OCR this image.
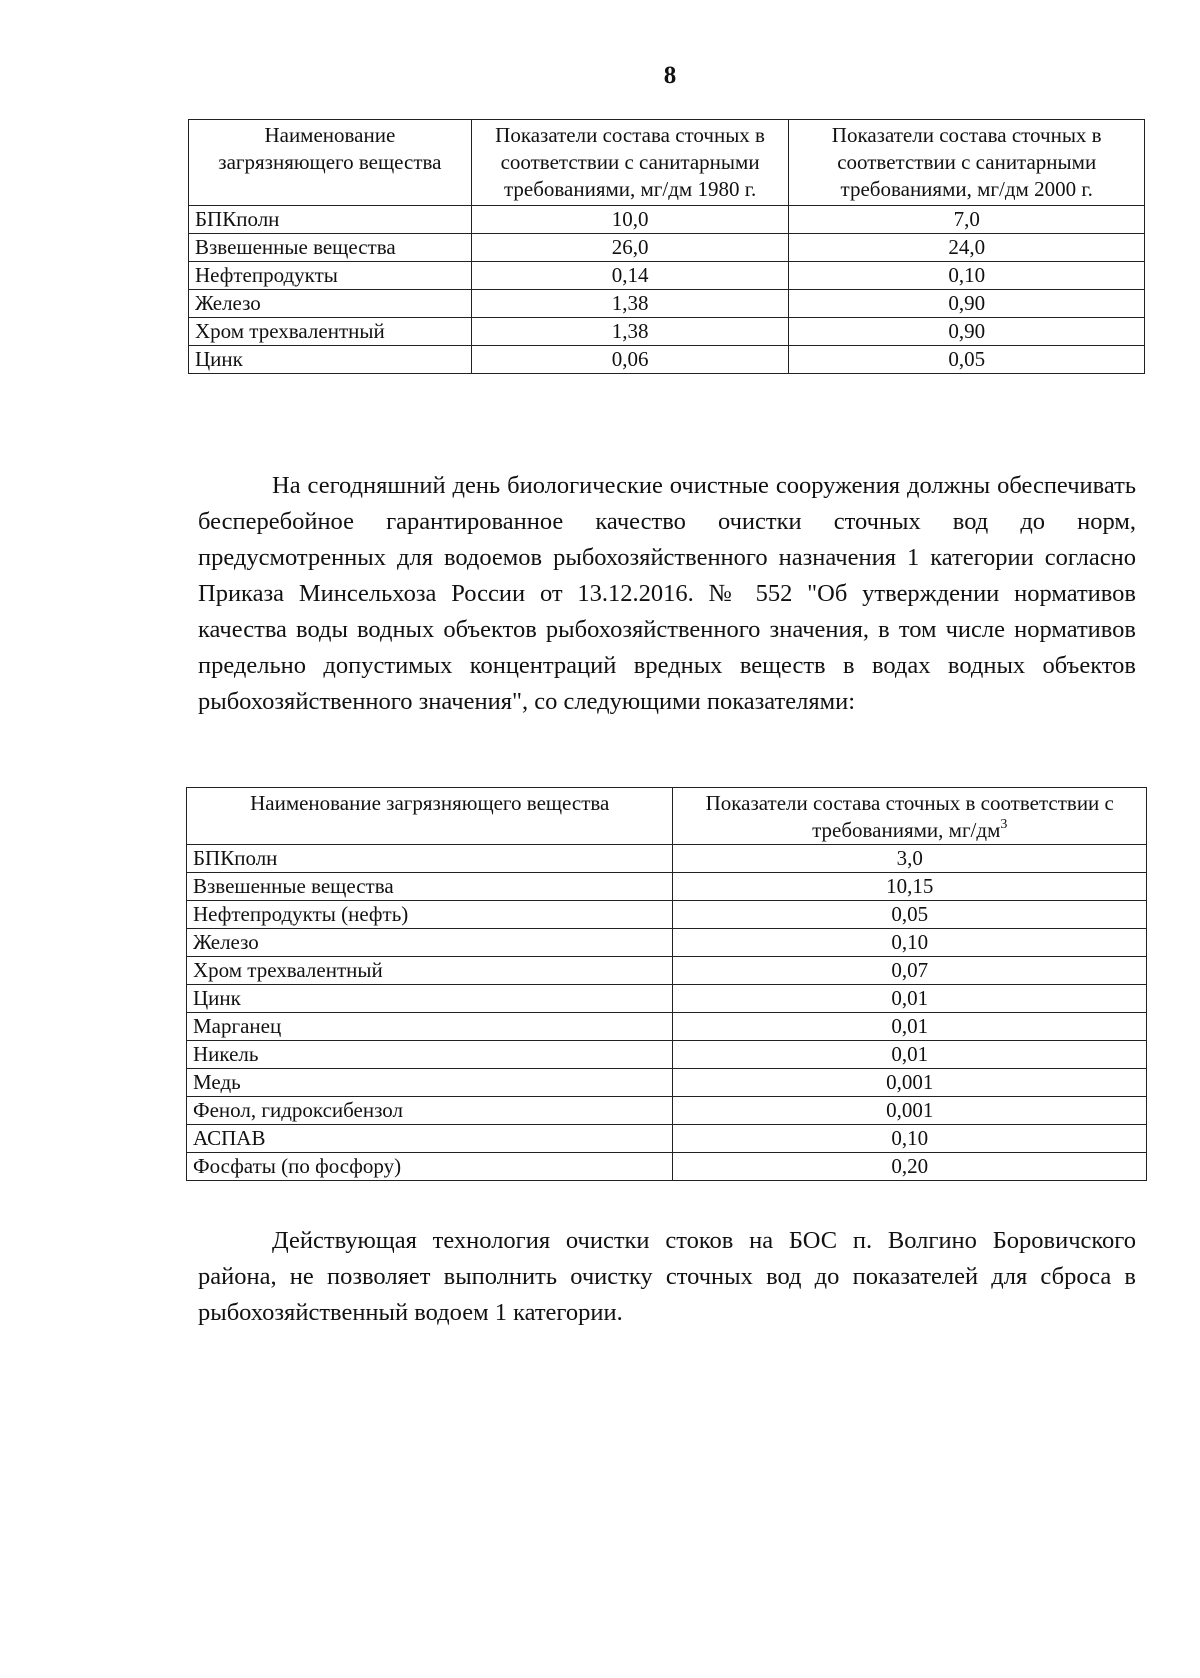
8
Наименование загрязняющего вещества	Показатели состава сточных в соответствии с санитарными требованиями, мг/дм 1980 г.	Показатели состава сточных в соответствии с санитарными требованиями, мг/дм 2000 г.
БПКполн	10,0	7,0
Взвешенные вещества	26,0	24,0
Нефтепродукты	0,14	0,10
Железо	1,38	0,90
Хром трехвалентный	1,38	0,90
Цинк	0,06	0,05

На сегодняшний день биологические очистные сооружения должны обеспечивать бесперебойное гарантированное качество очистки сточных вод до норм, предусмотренных для водоемов рыбохозяйственного назначения 1 категории согласно Приказа Минсельхоза России от 13.12.2016. № 552 "Об утверждении нормативов качества воды водных объектов рыбохозяйственного значения, в том числе нормативов предельно допустимых концентраций вредных веществ в водах водных объектов рыбохозяйственного значения", со следующими показателями:

Наименование загрязняющего вещества	Показатели состава сточных в соответствии с требованиями, $мг/дм^3$
БПКполн	3,0
Взвешенные вещества	10,15
Нефтепродукты (нефть)	0,05
Железо	0,10
Хром трехвалентный	0,07
Цинк	0,01
Марганец	0,01
Никель	0,01
Медь	0,001
Фенол, гидроксибензол	0,001
АСПАВ	0,10
Фосфаты (по фосфору)	0,20

Действующая технология очистки стоков на БОС п. Волгино Боровичского района, не позволяет выполнить очистку сточных вод до показателей для сброса в рыбохозяйственный водоем 1 категории.
